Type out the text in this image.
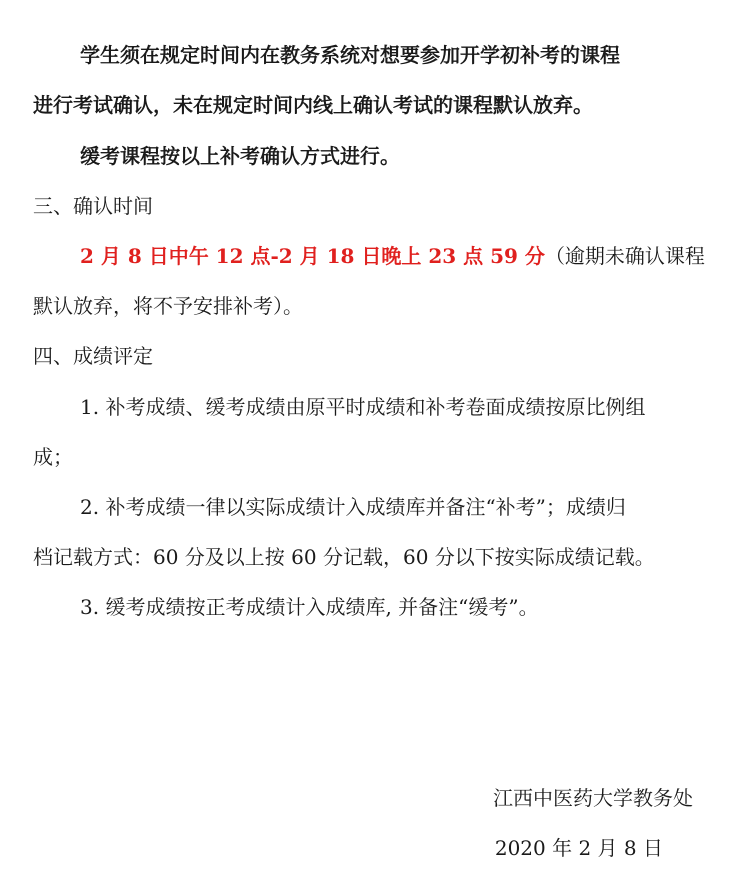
学生须在规定时间内在教务系统对想要参加开学初补考的课程
进行考试确认，未在规定时间内线上确认考试的课程默认放弃。
缓考课程按以上补考确认方式进行。
三、确认时间
2 月 8 日中午 12 点-2 月 18 日晚上 23 点 59 分（逾期未确认课程
默认放弃，将不予安排补考）。
四、成绩评定
1. 补考成绩、缓考成绩由原平时成绩和补考卷面成绩按原比例组
成；
2. 补考成绩一律以实际成绩计入成绩库并备注“补考”；成绩归
档记载方式：60 分及以上按 60 分记载，60 分以下按实际成绩记载。
3. 缓考成绩按正考成绩计入成绩库, 并备注“缓考”。
江西中医药大学教务处
2020 年 2 月 8 日
